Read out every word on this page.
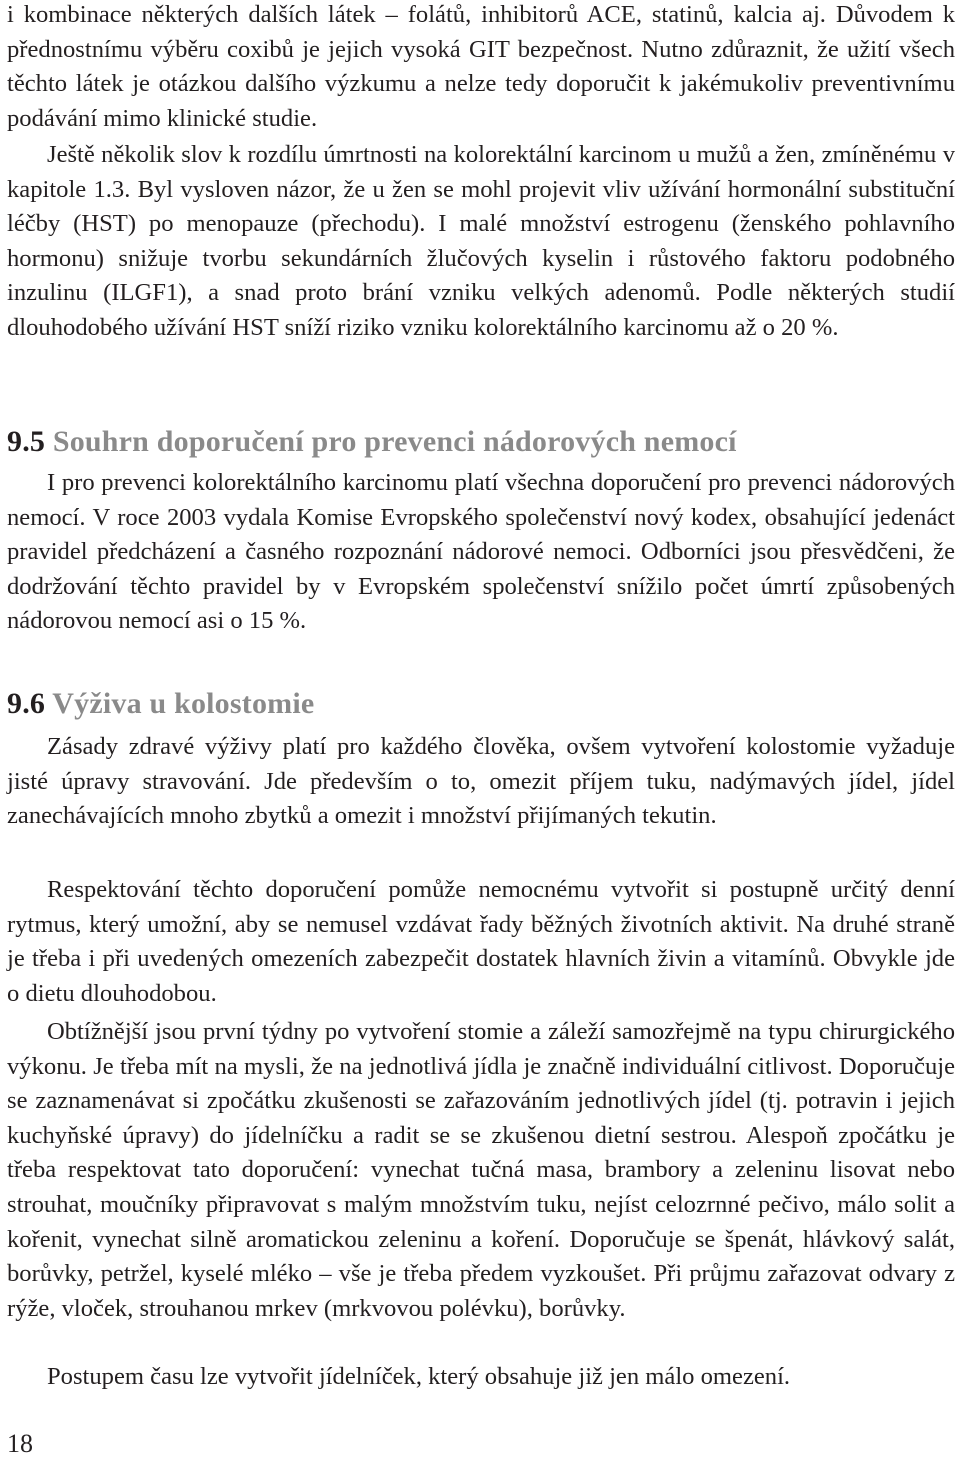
i kombinace některých dalších látek – folátů, inhibitorů ACE, statinů, kalcia aj. Důvodem k přednostnímu výběru coxibů je jejich vysoká GIT bezpečnost. Nutno zdůraznit, že užití všech těchto látek je otázkou dalšího výzkumu a nelze tedy doporučit k jakémukoliv preventivnímu podávání mimo klinické studie.

Ještě několik slov k rozdílu úmrtnosti na kolorektální karcinom u mužů a žen, zmíněnému v kapitole 1.3. Byl vysloven názor, že u žen se mohl projevit vliv užívání hormonální substituční léčby (HST) po menopauze (přechodu). I malé množství estrogenu (ženského pohlavního hormonu) snižuje tvorbu sekundárních žlučových kyselin i růstového faktoru podobného inzulinu (ILGF1), a snad proto brání vzniku velkých adenomů. Podle některých studií dlouhodobého užívání HST sníží riziko vzniku kolorektálního karcinomu až o 20 %.

9.5 Souhrn doporučení pro prevenci nádorových nemocí

I pro prevenci kolorektálního karcinomu platí všechna doporučení pro prevenci nádorových nemocí. V roce 2003 vydala Komise Evropského společenství nový kodex, obsahující jedenáct pravidel předcházení a časného rozpoznání nádorové nemoci. Odborníci jsou přesvědčeni, že dodržování těchto pravidel by v Evropském společenství snížilo počet úmrtí způsobených nádorovou nemocí asi o 15 %.

9.6 Výživa u kolostomie

Zásady zdravé výživy platí pro každého člověka, ovšem vytvoření kolostomie vyžaduje jisté úpravy stravování. Jde především o to, omezit příjem tuku, nadýmavých jídel, jídel zanechávajících mnoho zbytků a omezit i množství přijímaných tekutin.

Respektování těchto doporučení pomůže nemocnému vytvořit si postupně určitý denní rytmus, který umožní, aby se nemusel vzdávat řady běžných životních aktivit. Na druhé straně je třeba i při uvedených omezeních zabezpečit dostatek hlavních živin a vitamínů. Obvykle jde o dietu dlouhodobou.

Obtížnější jsou první týdny po vytvoření stomie a záleží samozřejmě na typu chirurgického výkonu. Je třeba mít na mysli, že na jednotlivá jídla je značně individuální citlivost. Doporučuje se zaznamenávat si zpočátku zkušenosti se zařazováním jednotlivých jídel (tj. potravin i jejich kuchyňské úpravy) do jídelníčku a radit se se zkušenou dietní sestrou. Alespoň zpočátku je třeba respektovat tato doporučení: vynechat tučná masa, brambory a zeleninu lisovat nebo strouhat, moučníky připravovat s malým množstvím tuku, nejíst celozrnné pečivo, málo solit a kořenit, vynechat silně aromatickou zeleninu a koření. Doporučuje se špenát, hlávkový salát, borůvky, petržel, kyselé mléko – vše je třeba předem vyzkoušet. Při průjmu zařazovat odvary z rýže, vloček, strouhanou mrkev (mrkvovou polévku), borůvky.

Postupem času lze vytvořit jídelníček, který obsahuje již jen málo omezení.

18
